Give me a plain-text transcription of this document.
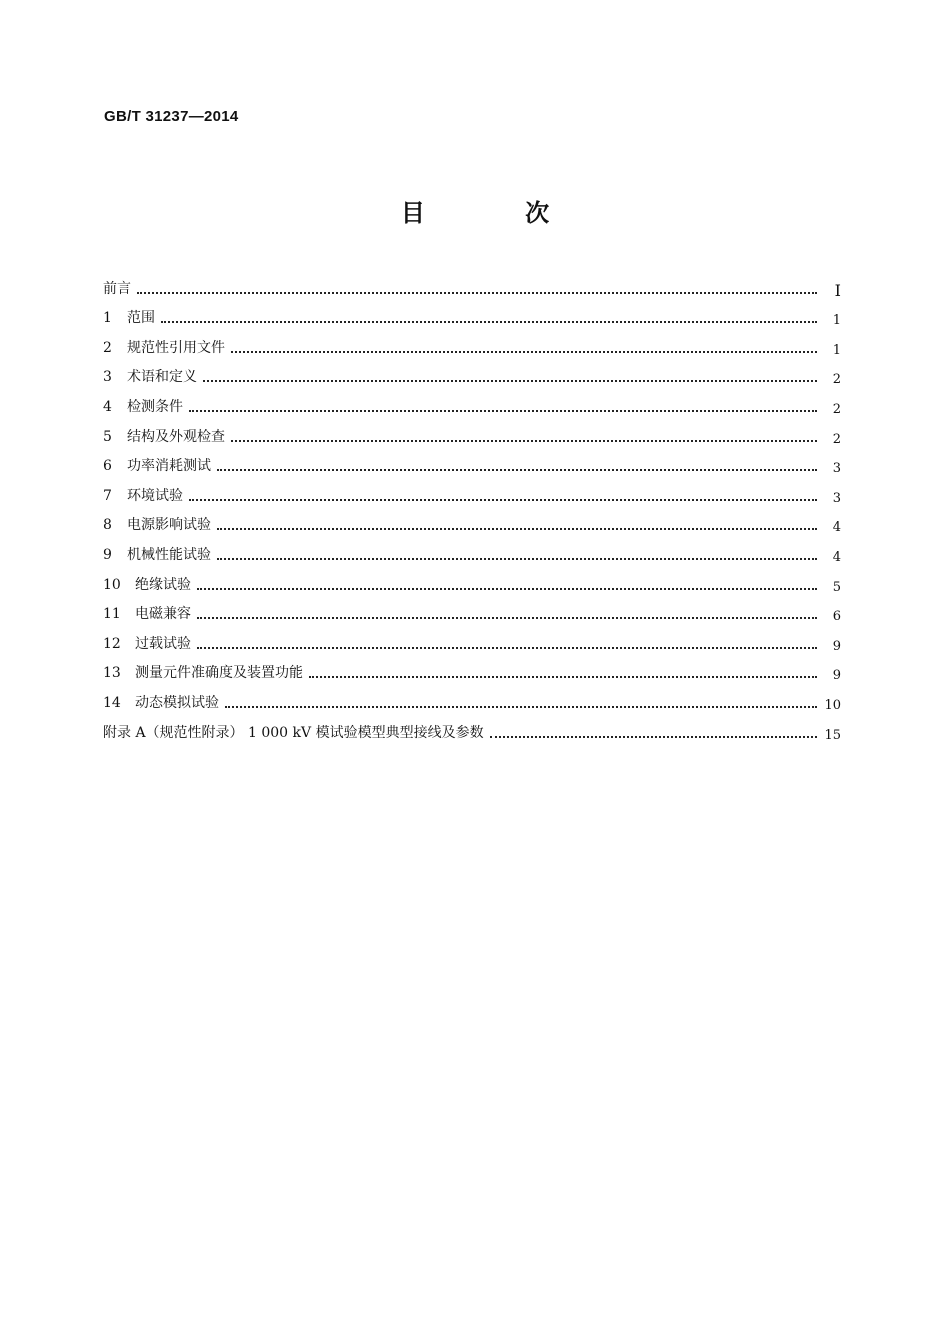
GB/T 31237—2014
目 次
前言	Ⅰ
1	范围	1
2	规范性引用文件	1
3	术语和定义	2
4	检测条件	2
5	结构及外观检查	2
6	功率消耗测试	3
7	环境试验	3
8	电源影响试验	4
9	机械性能试验	4
10	绝缘试验	5
11	电磁兼容	6
12	过载试验	9
13	测量元件准确度及装置功能	9
14	动态模拟试验	10
附录 A（规范性附录） 1 000 kV 模试验模型典型接线及参数	15
